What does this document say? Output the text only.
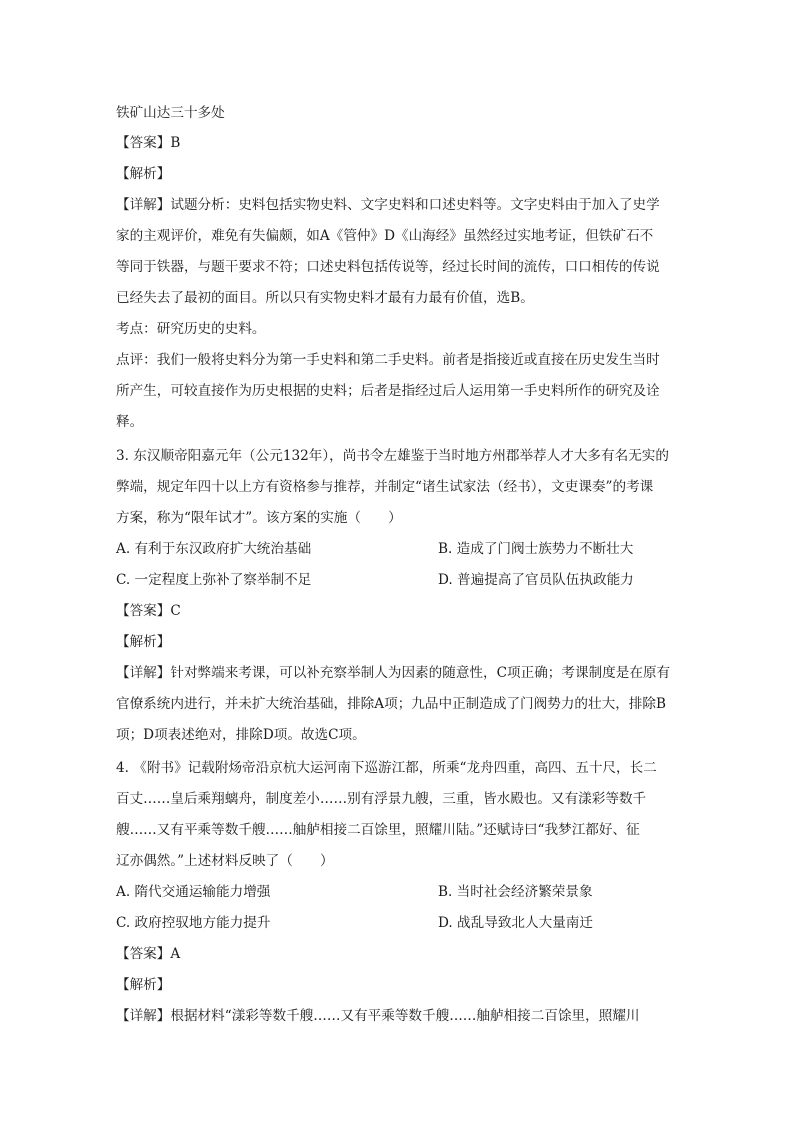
铁矿山达三十多处
【答案】B
【解析】
【详解】试题分析：史料包括实物史料、文字史料和口述史料等。文字史料由于加入了史学
家的主观评价，难免有失偏颇，如A《管仲》D《山海经》虽然经过实地考证，但铁矿石不
等同于铁器，与题干要求不符；口述史料包括传说等，经过长时间的流传，口口相传的传说
已经失去了最初的面目。所以只有实物史料才最有力最有价值，选B。
考点：研究历史的史料。
点评：我们一般将史料分为第一手史料和第二手史料。前者是指接近或直接在历史发生当时
所产生，可较直接作为历史根据的史料；后者是指经过后人运用第一手史料所作的研究及诠
释。
3. 东汉顺帝阳嘉元年（公元132年），尚书令左雄鉴于当时地方州郡举荐人才大多有名无实的
弊端，规定年四十以上方有资格参与推荐，并制定“诸生试家法（经书），文吏课奏”的考课
方案，称为“限年试才”。该方案的实施（　　）
A. 有利于东汉政府扩大统治基础	B. 造成了门阀士族势力不断壮大
C. 一定程度上弥补了察举制不足	D. 普遍提高了官员队伍执政能力
【答案】C
【解析】
【详解】针对弊端来考课，可以补充察举制人为因素的随意性，C项正确；考课制度是在原有
官僚系统内进行，并未扩大统治基础，排除A项；九品中正制造成了门阀势力的壮大，排除B
项；D项表述绝对，排除D项。故选C项。
4. 《附书》记载附炀帝沿京杭大运河南下巡游江都，所乘“龙舟四重，高四、五十尺，长二
百丈……皇后乘翔螭舟，制度差小……别有浮景九艘，三重，皆水殿也。又有漾彩等数千
艘……又有平乘等数千艘……舳舻相接二百馀里，照耀川陆。”还赋诗曰“我梦江都好、征
辽亦偶然。”上述材料反映了（　　）
A. 隋代交通运输能力增强	B. 当时社会经济繁荣景象
C. 政府控驭地方能力提升	D. 战乱导致北人大量南迁
【答案】A
【解析】
【详解】根据材料“漾彩等数千艘……又有平乘等数千艘……舳舻相接二百馀里，照耀川
